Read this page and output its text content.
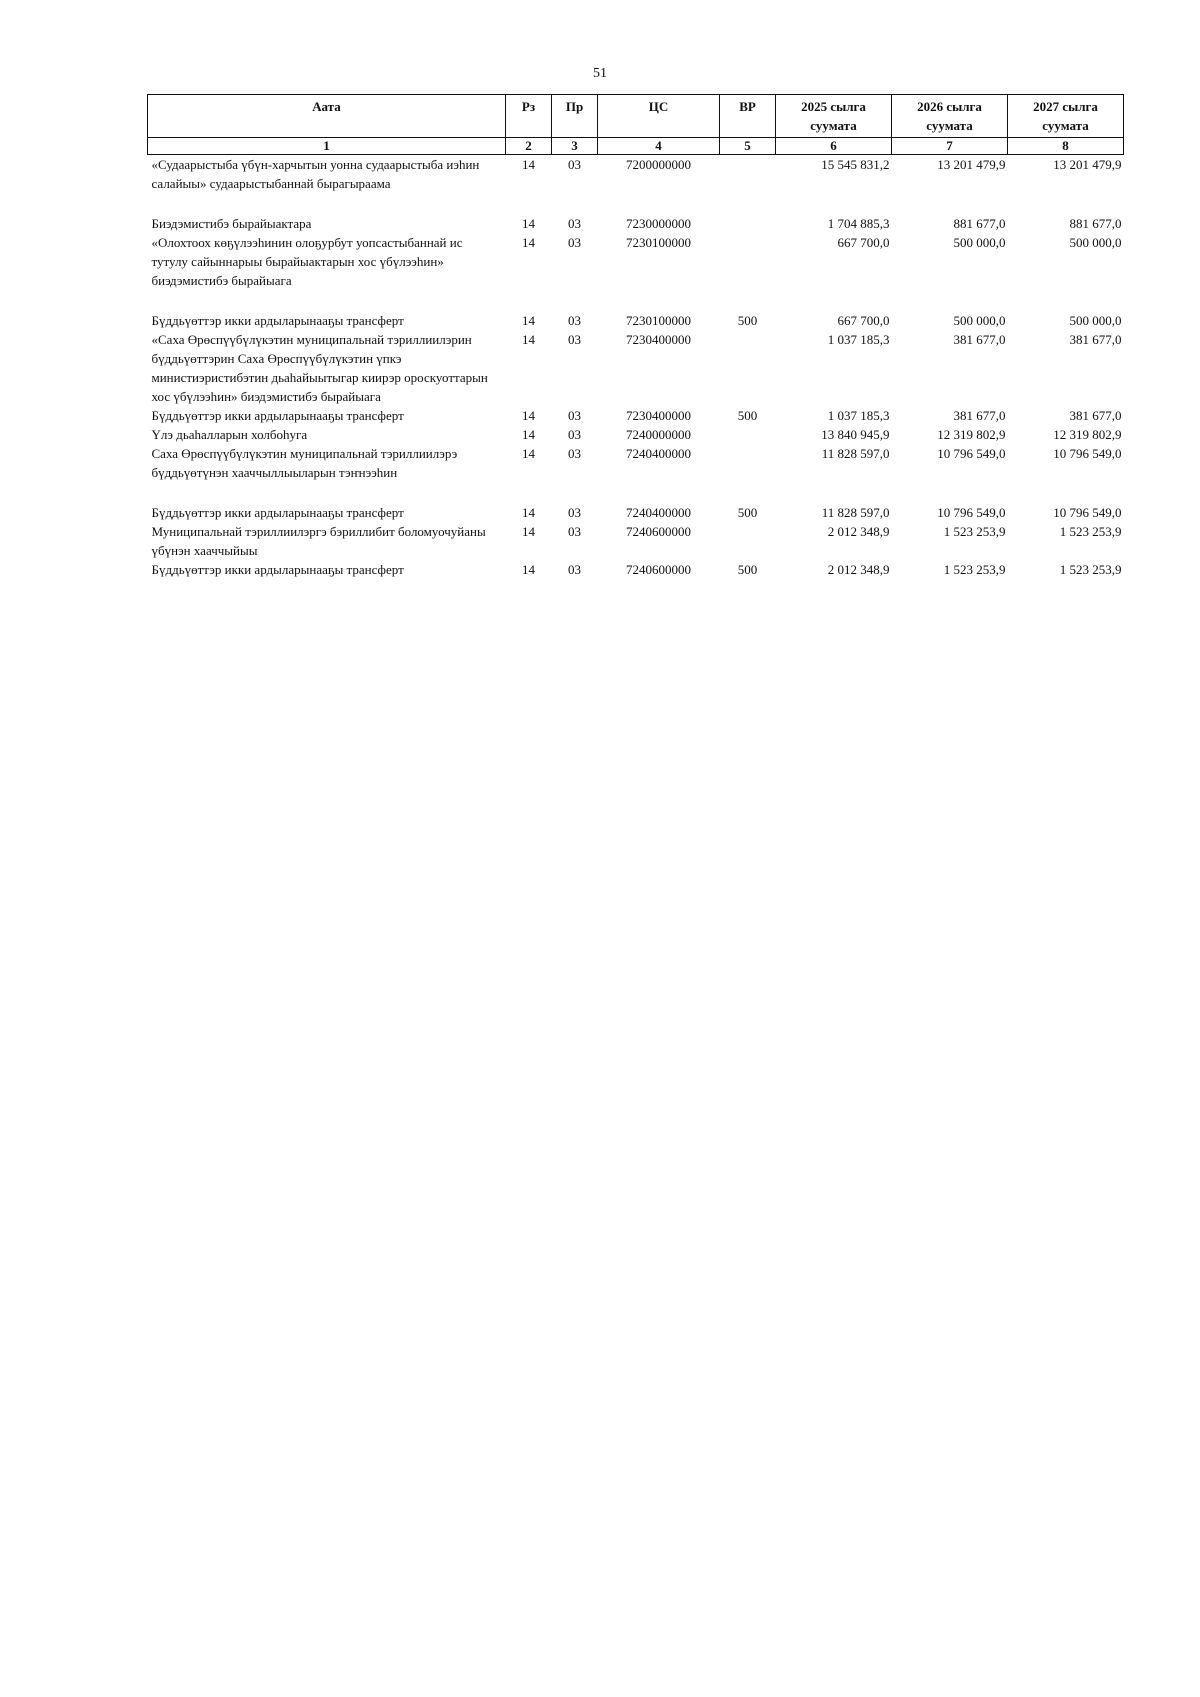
51
Аата	Рз	Пр	ЦС	ВР	2025 сылга суумата	2026 сылга суумата	2027 сылга суумата
1	2	3	4	5	6	7	8
«Судаарыстыба үбүн-харчытын уонна судаарыстыба иэһин салайыы» судаарыстыбаннай бырагыраама	14	03	7200000000		15 545 831,2	13 201 479,9	13 201 479,9
Биэдэмистибэ бырайыактара	14	03	7230000000		1 704 885,3	881 677,0	881 677,0
«Олохтоох көҕүлээһинин олоҕурбут уопсастыбаннай ис тутулу сайыннарыы бырайыактарын хос үбүлээһин» биэдэмистибэ бырайыага	14	03	7230100000		667 700,0	500 000,0	500 000,0
Бүддьүөттэр икки ардыларынааҕы трансферт	14	03	7230100000	500	667 700,0	500 000,0	500 000,0
«Саха Өрөспүүбүлүкэтин муниципальнай тэриллиилэрин бүддьүөттэрин Саха Өрөспүүбүлүкэтин үпкэ министиэристибэтин дьаһайыытыгар киирэр ороскуоттарын хос үбүлээһин» биэдэмистибэ бырайыага	14	03	7230400000		1 037 185,3	381 677,0	381 677,0
Бүддьүөттэр икки ардыларынааҕы трансферт	14	03	7230400000	500	1 037 185,3	381 677,0	381 677,0
Үлэ дьаһалларын холбоһуга	14	03	7240000000		13 840 945,9	12 319 802,9	12 319 802,9
Саха Өрөспүүбүлүкэтин муниципальнай тэриллиилэрэ бүддьүөтүнэн хааччыллыыларын тэҥнээһин	14	03	7240400000		11 828 597,0	10 796 549,0	10 796 549,0
Бүддьүөттэр икки ардыларынааҕы трансферт	14	03	7240400000	500	11 828 597,0	10 796 549,0	10 796 549,0
Муниципальнай тэриллиилэргэ бэриллибит боломуочуйаны үбүнэн хааччыйыы	14	03	7240600000		2 012 348,9	1 523 253,9	1 523 253,9
Бүддьүөттэр икки ардыларынааҕы трансферт	14	03	7240600000	500	2 012 348,9	1 523 253,9	1 523 253,9
